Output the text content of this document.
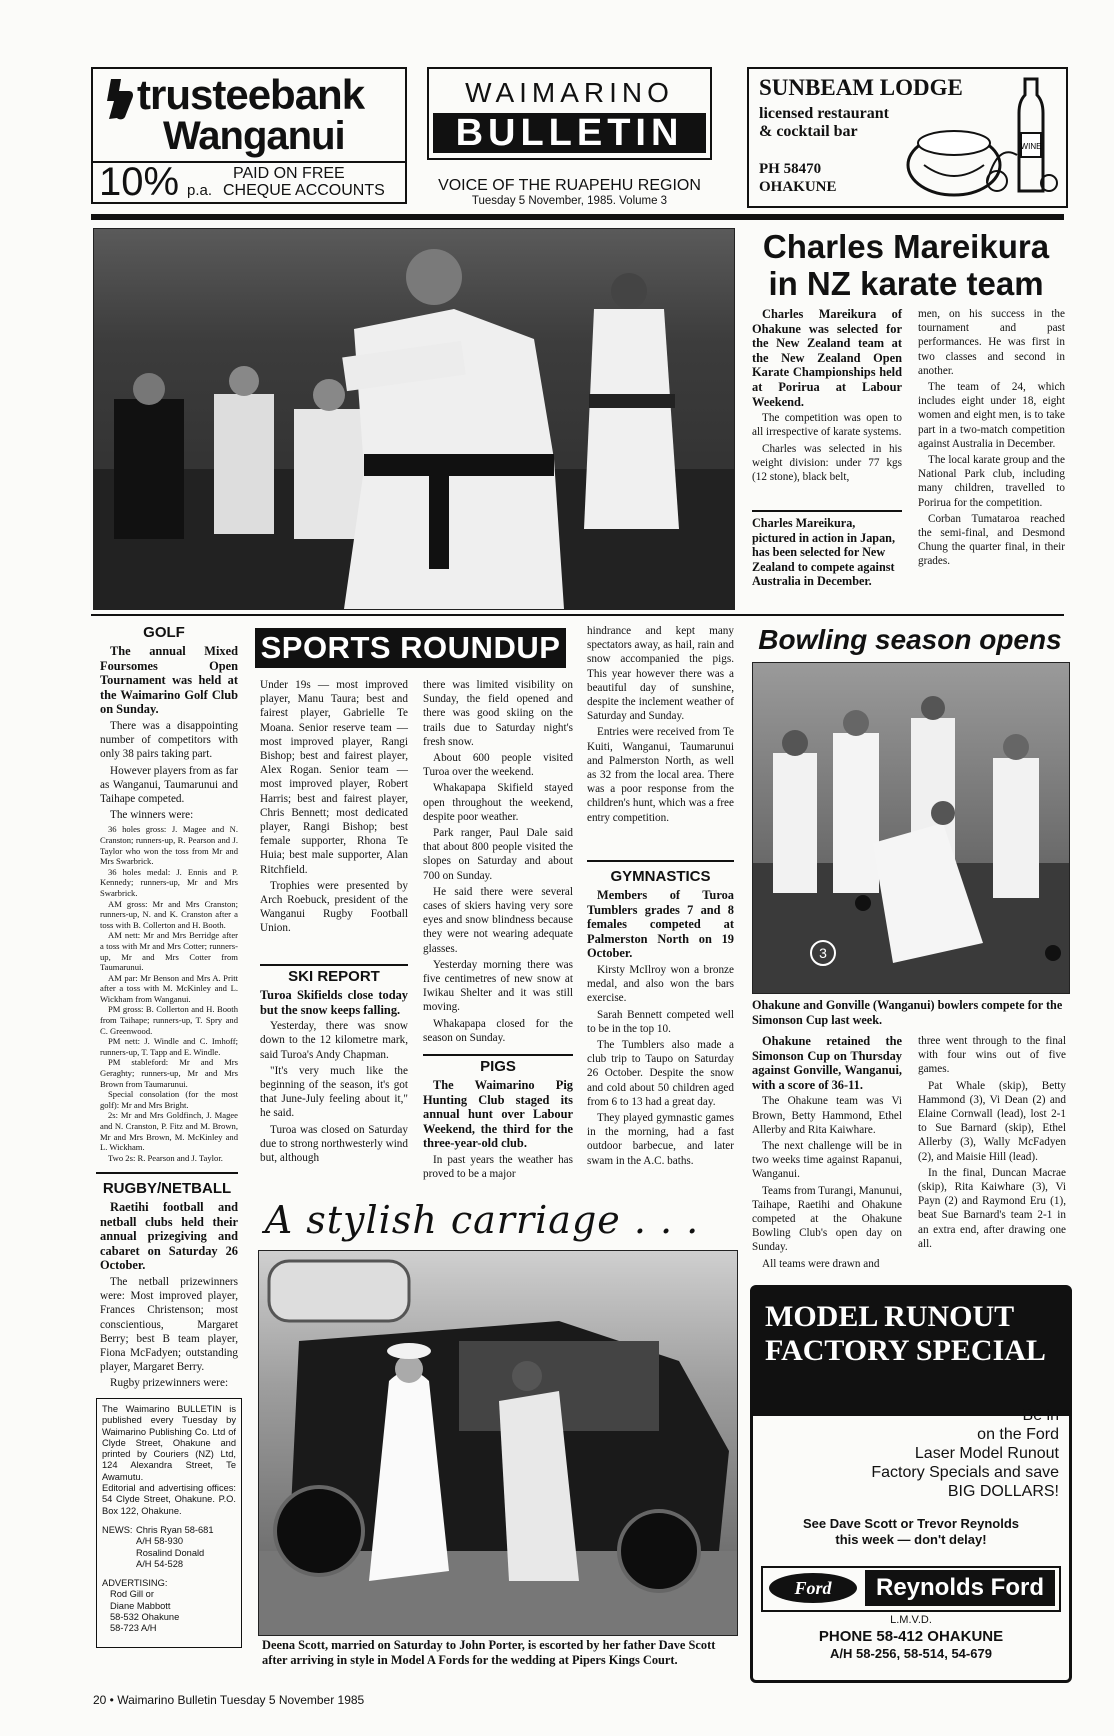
trusteebank
Wanganui
10% p.a.
PAID ON FREE
CHEQUE ACCOUNTS
WAIMARINO
BULLETIN
VOICE OF THE RUAPEHU REGION
Tuesday 5 November, 1985. Volume 3
SUNBEAM LODGE
licensed restaurant
& cocktail bar
PH 58470
OHAKUNE
WINE
Charles Mareikura in NZ karate team

Charles Mareikura of Ohakune was selected for the New Zealand team at the New Zealand Open Karate Championships held at Porirua at Labour Weekend.

The competition was open to all irrespective of karate systems.

Charles was selected in his weight division: under 77 kgs (12 stone), black belt,

Charles Mareikura, pictured in action in Japan, has been selected for New Zealand to compete against Australia in December.

men, on his success in the tournament and past performances. He was first in two classes and second in another.

The team of 24, which includes eight under 18, eight women and eight men, is to take part in a two-match competition against Australia in December.

The local karate group and the National Park club, including many children, travelled to Porirua for the competition.

Corban Tumataroa reached the semi-final, and Desmond Chung the quarter final, in their grades.

GOLF

The annual Mixed Foursomes Open Tournament was held at the Waimarino Golf Club on Sunday.

There was a disappointing number of competitors with only 38 pairs taking part.

However players from as far as Wanganui, Taumarunui and Taihape competed.

The winners were:

36 holes gross: J. Magee and N. Cranston; runners-up, R. Pearson and J. Taylor who won the toss from Mr and Mrs Swarbrick.

36 holes medal: J. Ennis and P. Kennedy; runners-up, Mr and Mrs Swarbrick.

AM gross: Mr and Mrs Cranston; runners-up, N. and K. Cranston after a toss with B. Collerton and H. Booth.

AM nett: Mr and Mrs Berridge after a toss with Mr and Mrs Cotter; runners-up, Mr and Mrs Cotter from Taumarunui.

AM par: Mr Benson and Mrs A. Pritt after a toss with M. McKinley and L. Wickham from Wanganui.

PM gross: B. Collerton and H. Booth from Taihape; runners-up, T. Spry and C. Greenwood.

PM nett: J. Windle and C. Imhoff; runners-up, T. Tapp and E. Windle.

PM stableford: Mr and Mrs Geraghty; runners-up, Mr and Mrs Brown from Taumarunui.

Special consolation (for the most golf): Mr and Mrs Bright.

2s: Mr and Mrs Goldfinch, J. Magee and N. Cranston, P. Fitz and M. Brown, Mr and Mrs Brown, M. McKinley and L. Wickham.

Two 2s: R. Pearson and J. Taylor.

RUGBY/NETBALL

Raetihi football and netball clubs held their annual prizegiving and cabaret on Saturday 26 October.

The netball prizewinners were: Most improved player, Frances Christenson; most conscientious, Margaret Berry; best B team player, Fiona McFadyen; outstanding player, Margaret Berry.

Rugby prizewinners were:

The Waimarino BULLETIN is published every Tuesday by Waimarino Publishing Co. Ltd of Clyde Street, Ohakune and printed by Couriers (NZ) Ltd, 124 Alexandra Street, Te Awamutu.
Editorial and advertising offices: 54 Clyde Street, Ohakune. P.O. Box 122, Ohakune.
NEWS: Chris Ryan 58-681
A/H 58-930
Rosalind Donald
A/H 54-528
ADVERTISING:
Rod Gill or
Diane Mabbott
58-532 Ohakune
58-723 A/H
SPORTS ROUNDUP

Under 19s — most improved player, Manu Taura; best and fairest player, Gabrielle Te Moana. Senior reserve team — most improved player, Rangi Bishop; best and fairest player, Alex Rogan. Senior team — most improved player, Robert Harris; best and fairest player, Chris Bennett; most dedicated player, Rangi Bishop; best female supporter, Rhona Te Huia; best male supporter, Alan Ritchfield.

Trophies were presented by Arch Roebuck, president of the Wanganui Rugby Football Union.

SKI REPORT

Turoa Skifields close today but the snow keeps falling.

Yesterday, there was snow down to the 12 kilometre mark, said Turoa's Andy Chapman.

"It's very much like the beginning of the season, it's got that June-July feeling about it," he said.

Turoa was closed on Saturday due to strong northwesterly wind but, although

there was limited visibility on Sunday, the field opened and there was good skiing on the trails due to Saturday night's fresh snow.

About 600 people visited Turoa over the weekend.

Whakapapa Skifield stayed open throughout the weekend, despite poor weather.

Park ranger, Paul Dale said that about 800 people visited the slopes on Saturday and about 700 on Sunday.

He said there were several cases of skiers having very sore eyes and snow blindness because they were not wearing adequate glasses.

Yesterday morning there was five centimetres of new snow at Iwikau Shelter and it was still moving.

Whakapapa closed for the season on Sunday.

PIGS

The Waimarino Pig Hunting Club staged its annual hunt over Labour Weekend, the third for the three-year-old club.

In past years the weather has proved to be a major

hindrance and kept many spectators away, as hail, rain and snow accompanied the pigs. This year however there was a beautiful day of sunshine, despite the inclement weather of Saturday and Sunday.

Entries were received from Te Kuiti, Wanganui, Taumarunui and Palmerston North, as well as 32 from the local area. There was a poor response from the children's hunt, which was a free entry competition.

GYMNASTICS

Members of Turoa Tumblers grades 7 and 8 females competed at Palmerston North on 19 October.

Kirsty McIlroy won a bronze medal, and also won the bars exercise.

Sarah Bennett competed well to be in the top 10.

The Tumblers also made a club trip to Taupo on Saturday 26 October. Despite the snow and cold about 50 children aged from 6 to 13 had a great day.

They played gymnastic games in the morning, had a fast outdoor barbecue, and later swam in the A.C. baths.

Bowling season opens
3
Ohakune and Gonville (Wanganui) bowlers compete for the Simonson Cup last week.

Ohakune retained the Simonson Cup on Thursday against Gonville, Wanganui, with a score of 36-11.

The Ohakune team was Vi Brown, Betty Hammond, Ethel Allerby and Rita Kaiwhare.

The next challenge will be in two weeks time against Rapanui, Wanganui.

Teams from Turangi, Manunui, Taihape, Raetihi and Ohakune competed at the Ohakune Bowling Club's open day on Sunday.

All teams were drawn and

three went through to the final with four wins out of five games.

Pat Whale (skip), Betty Hammond (3), Vi Dean (2) and Elaine Cornwall (lead), lost 2-1 to Sue Barnard (skip), Ethel Allerby (3), Wally McFadyen (2), and Maisie Hill (lead).

In the final, Duncan Macrae (skip), Rita Kaiwhare (3), Vi Payn (2) and Raymond Eru (1), beat Sue Barnard's team 2-1 in an extra end, after drawing one all.

A stylish carriage . . .
Deena Scott, married on Saturday to John Porter, is escorted by her father Dave Scott after arriving in style in Model A Fords for the wedding at Pipers Kings Court.
MODEL RUNOUT FACTORY SPECIAL
Be in
on the Ford
Laser Model Runout
Factory Specials and save
BIG DOLLARS!
See Dave Scott or Trevor Reynolds this week — don't delay!
Ford	Reynolds Ford
L.M.V.D.
PHONE 58-412 OHAKUNE
A/H 58-256, 58-514, 54-679
20 • Waimarino Bulletin Tuesday 5 November 1985
